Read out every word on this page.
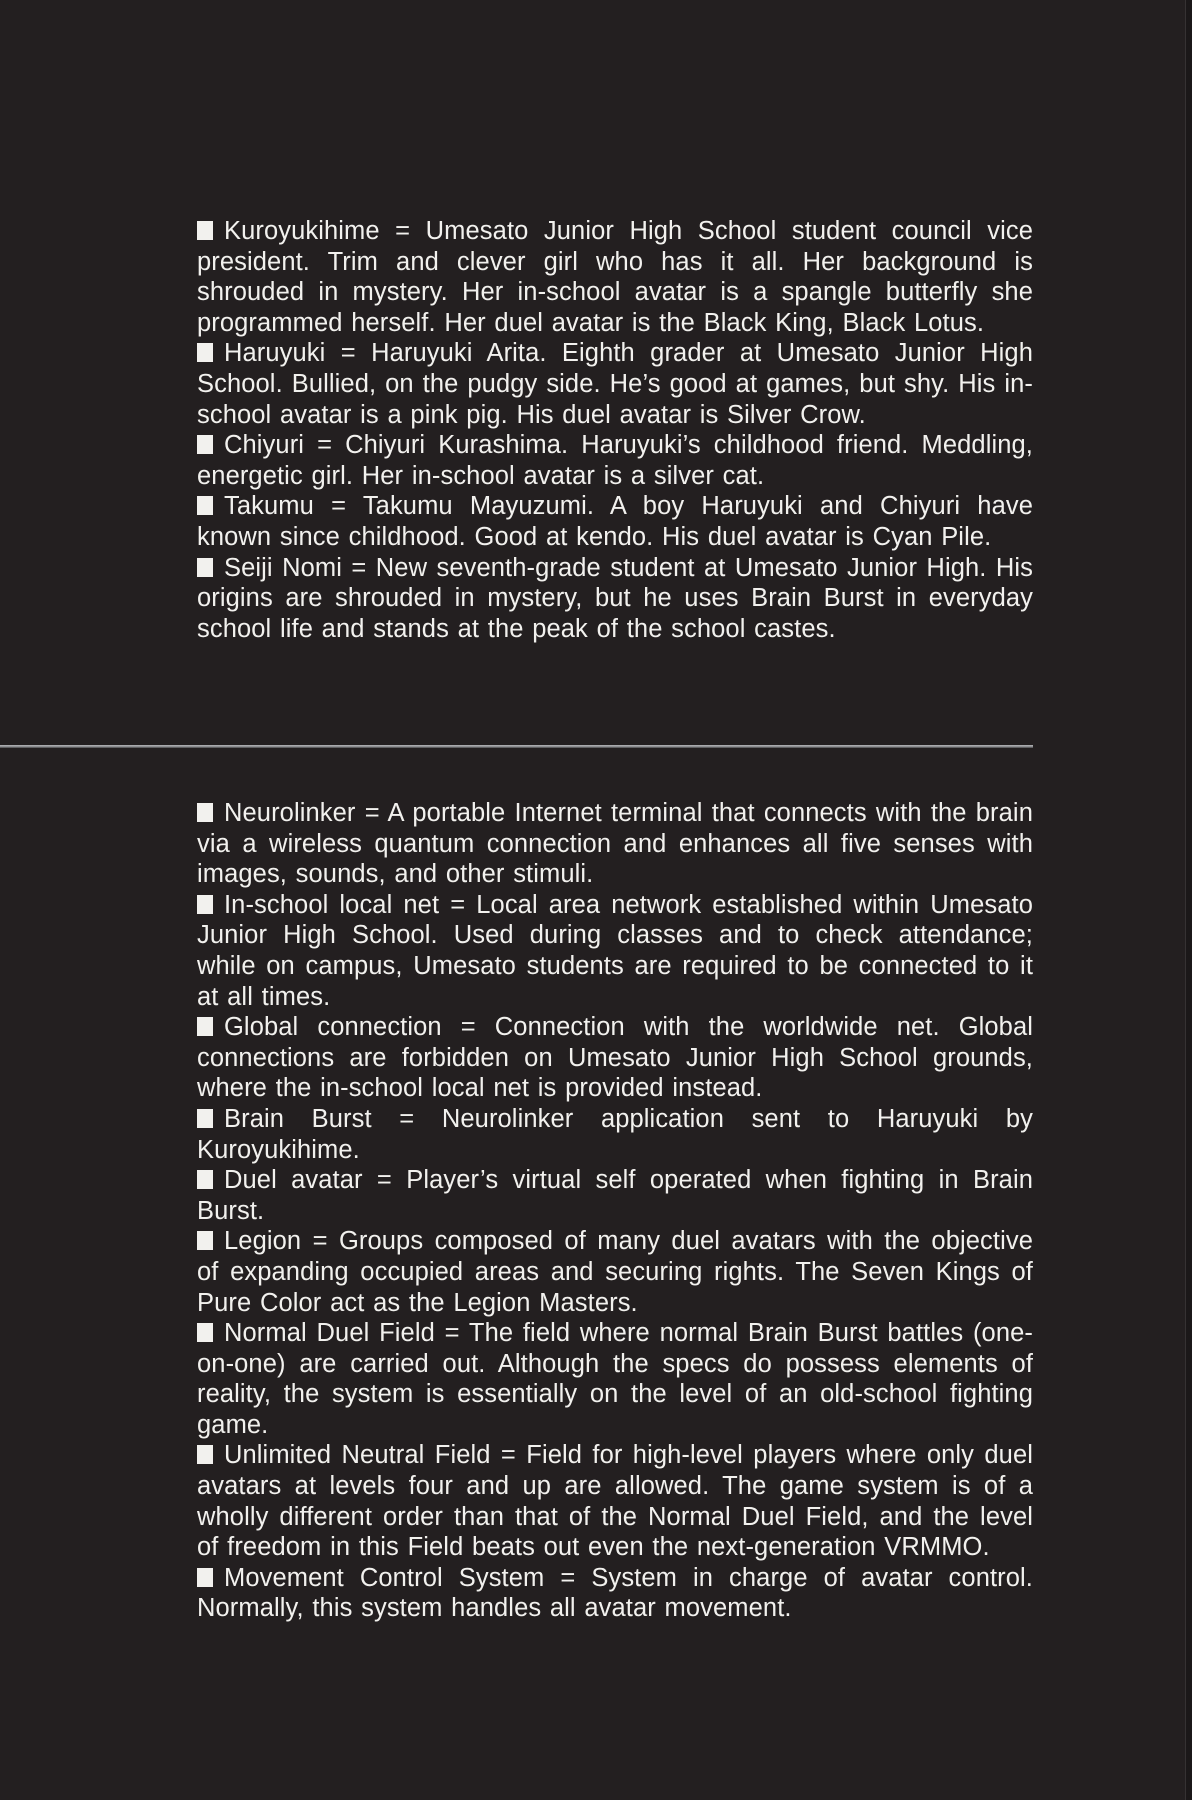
Kuroyukihime = Umesato Junior High School student council vice president. Trim and clever girl who has it all. Her background is shrouded in mystery. Her in-school avatar is a spangle butterfly she programmed herself. Her duel avatar is the Black King, Black Lotus.

Haruyuki = Haruyuki Arita. Eighth grader at Umesato Junior High School. Bullied, on the pudgy side. He’s good at games, but shy. His in-school avatar is a pink pig. His duel avatar is Silver Crow.

Chiyuri = Chiyuri Kurashima. Haruyuki’s childhood friend. Meddling, energetic girl. Her in-school avatar is a silver cat.

Takumu = Takumu Mayuzumi. A boy Haruyuki and Chiyuri have known since childhood. Good at kendo. His duel avatar is Cyan Pile.

Seiji Nomi = New seventh-grade student at Umesato Junior High. His origins are shrouded in mystery, but he uses Brain Burst in everyday school life and stands at the peak of the school castes.

Neurolinker = A portable Internet terminal that connects with the brain via a wireless quantum connection and enhances all five senses with images, sounds, and other stimuli.

In-school local net = Local area network established within Umesato Junior High School. Used during classes and to check attendance; while on campus, Umesato students are required to be connected to it at all times.

Global connection = Connection with the worldwide net. Global connections are forbidden on Umesato Junior High School grounds, where the in-school local net is provided instead.

Brain Burst = Neurolinker application sent to Haruyuki by Kuroyukihime.

Duel avatar = Player’s virtual self operated when fighting in Brain Burst.

Legion = Groups composed of many duel avatars with the objective of expanding occupied areas and securing rights. The Seven Kings of Pure Color act as the Legion Masters.

Normal Duel Field = The field where normal Brain Burst battles (one-on-one) are carried out. Although the specs do possess elements of reality, the system is essentially on the level of an old-school fighting game.

Unlimited Neutral Field = Field for high-level players where only duel avatars at levels four and up are allowed. The game system is of a wholly different order than that of the Normal Duel Field, and the level of freedom in this Field beats out even the next-generation VRMMO.

Movement Control System = System in charge of avatar control. Normally, this system handles all avatar movement.
